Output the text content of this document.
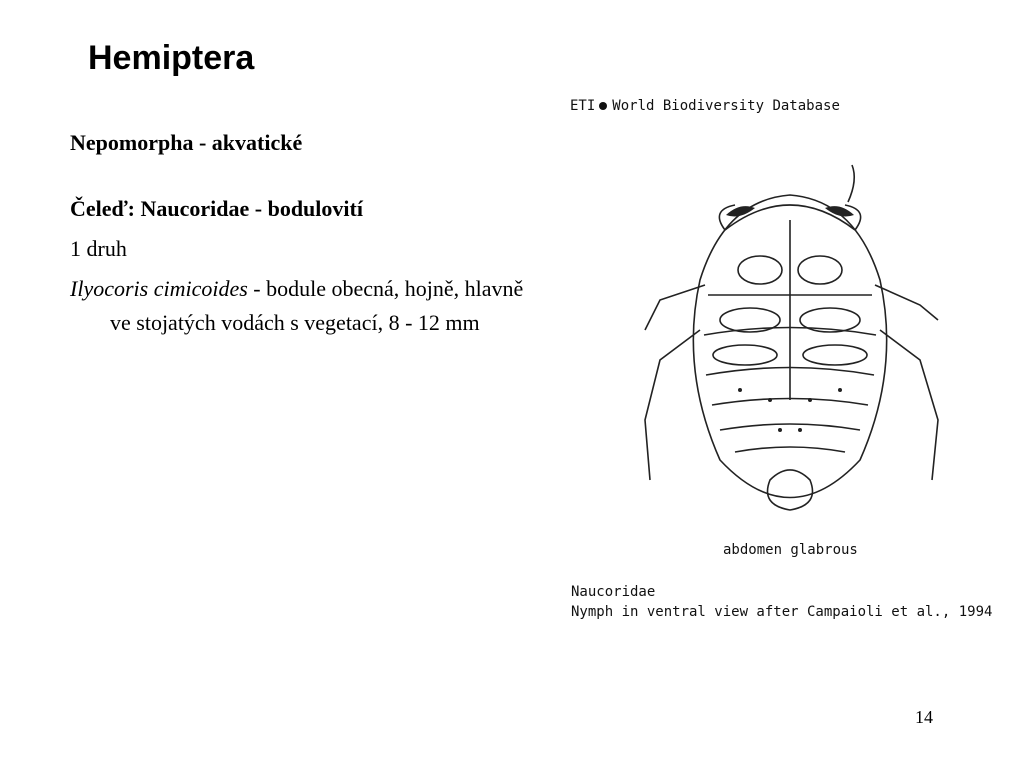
Hemiptera

Nepomorpha - akvatické

Čeleď: Naucoridae - bodulovití

1 druh

Ilyocoris cimicoides - bodule obecná, hojně, hlavně ve stojatých vodách s vegetací, 8 - 12 mm

ETI World Biodiversity Database
abdomen glabrous
Naucoridae
Nymph in ventral view after Campaioli et al., 1994
14
